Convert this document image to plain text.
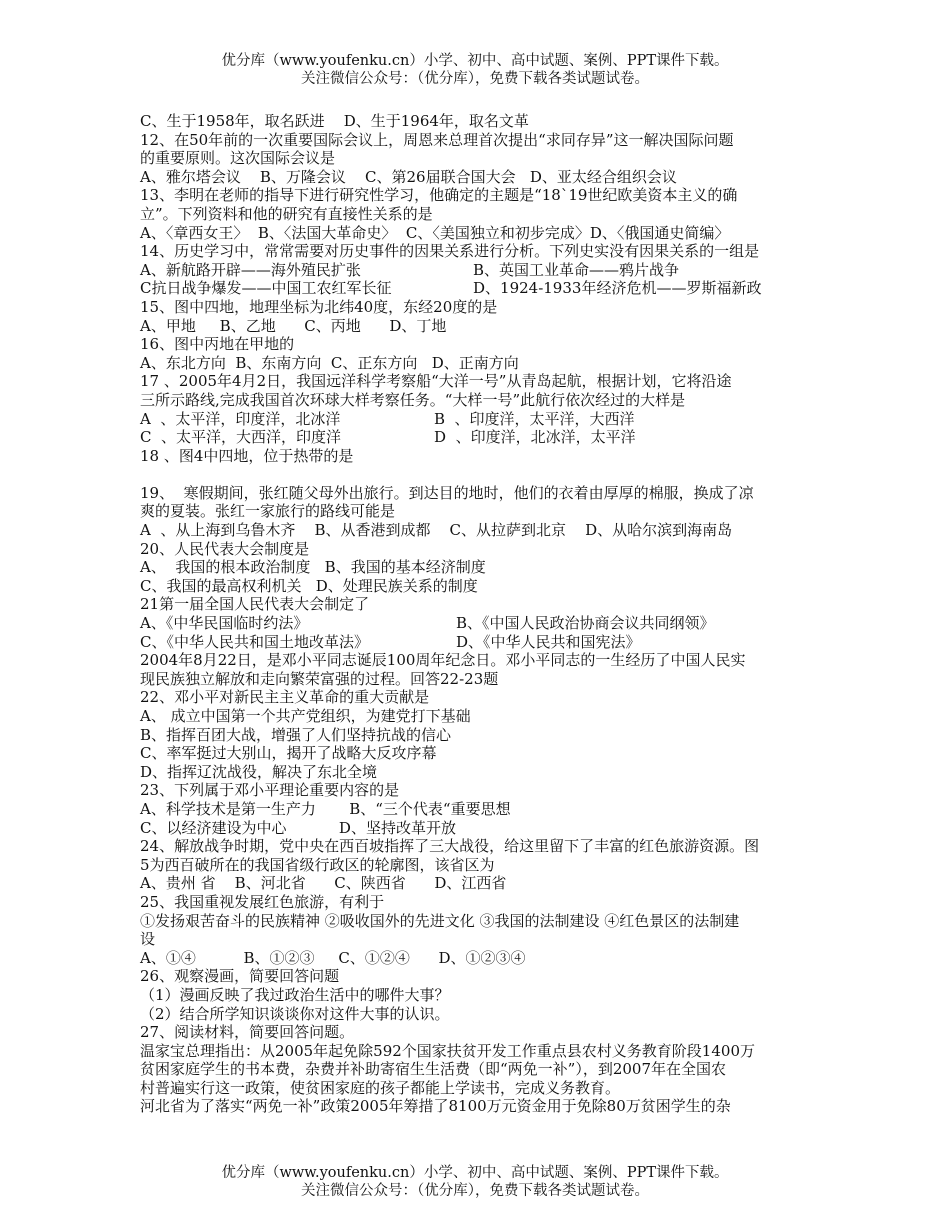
优分库（www.youfenku.cn）小学、初中、高中试题、案例、PPT课件下载。
关注微信公众号：（优分库），免费下载各类试题试卷。
C、生于1958年，取名跃进    D、生于1964年，取名文革
12、在50年前的一次重要国际会议上，周恩来总理首次提出“求同存异”这一解决国际问题
的重要原则。这次国际会议是
A、雅尔塔会议    B、万隆会议    C、第26届联合国大会   D、亚太经合组织会议
13、李明在老师的指导下进行研究性学习，他确定的主题是“18`19世纪欧美资本主义的确
立”。下列资料和他的研究有直接性关系的是
A、〈章西女王〉  B、〈法国大革命史〉  C、〈美国独立和初步完成〉D、〈俄国通史简编〉
14、历史学习中，常常需要对历史事件的因果关系进行分析。下列史实没有因果关系的一组是

A、新航路开辟——海外殖民扩张

	B、英国工业革命——鸦片战争

C抗日战争爆发——中国工农红军长征

	D、1924-1933年经济危机——罗斯福新政

15、图中四地，地理坐标为北纬40度，东经20度的是
A、甲地     B、乙地      C、丙地      D、丁地
16、图中丙地在甲地的
A、东北方向  B、东南方向  C、正东方向   D、正南方向
17 、2005年4月2日，我国远洋科学考察船“大洋一号”从青岛起航，根据计划，它将沿途
三所示路线,完成我国首次环球大样考察任务。“大样一号”此航行依次经过的大样是

A  、太平洋，印度洋，北冰洋

	B  、印度洋，太平洋，大西洋

C  、太平洋，大西洋，印度洋

	D  、印度洋，北冰洋，太平洋

18 、图4中四地，位于热带的是
19、  寒假期间，张红随父母外出旅行。到达目的地时，他们的衣着由厚厚的棉服，换成了凉
爽的夏装。张红一家旅行的路线可能是
A  、从上海到乌鲁木齐    B、从香港到成都    C、从拉萨到北京    D、从哈尔滨到海南岛
20、人民代表大会制度是
A、  我国的根本政治制度   B、我国的基本经济制度
C、我国的最高权利机关   D、处理民族关系的制度
21第一届全国人民代表大会制定了

A、《中华民国临时约法》

	B、《中国人民政治协商会议共同纲领》

C、《中华人民共和国土地改革法》

	D、《中华人民共和国宪法》

2004年8月22日，是邓小平同志诞辰100周年纪念日。邓小平同志的一生经历了中国人民实
现民族独立解放和走向繁荣富强的过程。回答22-23题
22、邓小平对新民主主义革命的重大贡献是
A、 成立中国第一个共产党组织，为建党打下基础
B、指挥百团大战，增强了人们坚持抗战的信心
C、率军挺过大别山，揭开了战略大反攻序幕
D、指挥辽沈战役，解决了东北全境
23、下列属于邓小平理论重要内容的是
A、科学技术是第一生产力       B、“三个代表“重要思想
C、以经济建设为中心           D、坚持改革开放
24、解放战争时期，党中央在西百坡指挥了三大战役，给这里留下了丰富的红色旅游资源。图
5为西百破所在的我国省级行政区的轮廓图，该省区为
A、贵州 省    B、河北省      C、陕西省      D、江西省
25、我国重视发展红色旅游，有利于
①发扬艰苦奋斗的民族精神 ②吸收国外的先进文化 ③我国的法制建设 ④红色景区的法制建
设
A、①④          B、①②③     C、①②④      D、①②③④
26、观察漫画，简要回答问题
（1）漫画反映了我过政治生活中的哪件大事？
（2）结合所学知识谈谈你对这件大事的认识。
27、阅读材料，简要回答问题。
温家宝总理指出：从2005年起免除592个国家扶贫开发工作重点县农村义务教育阶段1400万
贫困家庭学生的书本费，杂费并补助寄宿生生活费（即“两免一补”），到2007年在全国农
村普遍实行这一政策，使贫困家庭的孩子都能上学读书，完成义务教育。
河北省为了落实“两免一补”政策2005年筹措了8100万元资金用于免除80万贫困学生的杂
优分库（www.youfenku.cn）小学、初中、高中试题、案例、PPT课件下载。
关注微信公众号：（优分库），免费下载各类试题试卷。
